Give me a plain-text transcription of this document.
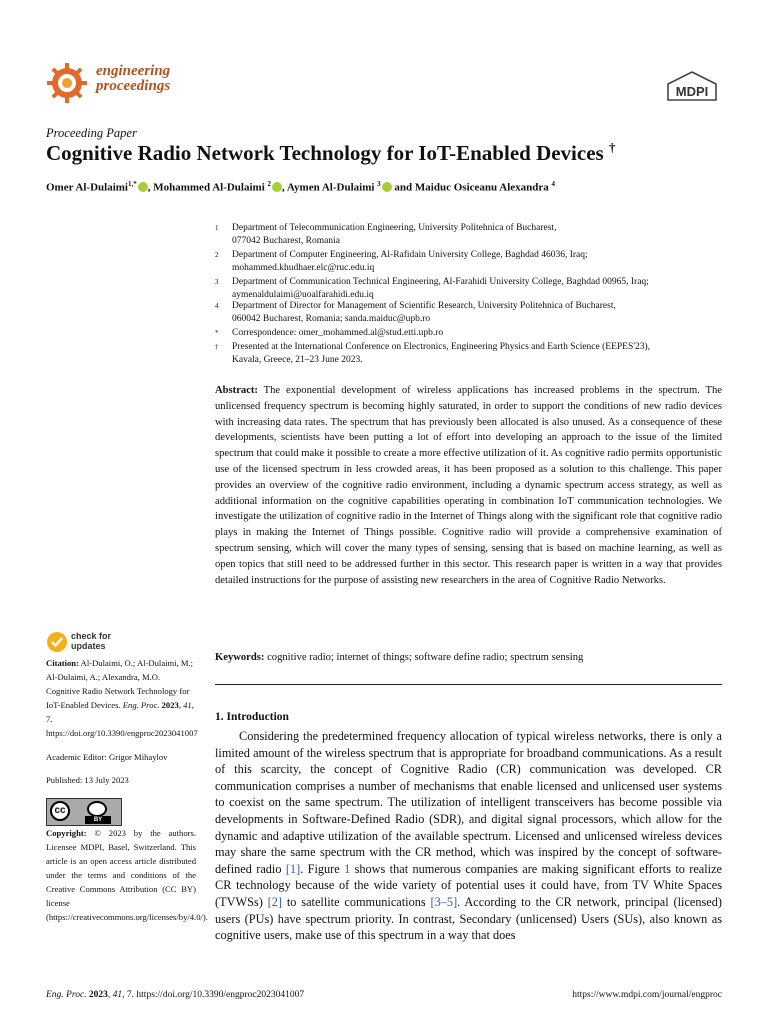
engineering
proceedings	MDPI
Proceeding Paper
Cognitive Radio Network Technology for IoT-Enabled Devices †
Omer Al-Dulaimi$^{1,*}$ , Mohammed Al-Dulaimi $^2$ , Aymen Al-Dulaimi $^3$ and Maiduc Osiceanu Alexandra $^4$
1 Department of Telecommunication Engineering, University Politehnica of Bucharest,
077042 Bucharest, Romania
2 Department of Computer Engineering, Al-Rafidain University College, Baghdad 46036, Iraq;
mohammed.khudhaer.elc@ruc.edu.iq
3 Department of Communication Technical Engineering, Al-Farahidi University College, Baghdad 00965, Iraq;
aymenaldulaimi@uoalfarahidi.edu.iq
4 Department of Director for Management of Scientific Research, University Politehnica of Bucharest,
060042 Bucharest, Romania; sanda.maiduc@upb.ro
* Correspondence: omer_mohammed.al@stud.etti.upb.ro
† Presented at the International Conference on Electronics, Engineering Physics and Earth Science (EEPES'23),
Kavala, Greece, 21–23 June 2023.
Abstract: The exponential development of wireless applications has increased problems in the spectrum. The unlicensed frequency spectrum is becoming highly saturated, in order to support the conditions of new radio devices with increasing data rates. The spectrum that has previously been allocated is also unused. As a consequence of these developments, scientists have been putting a lot of effort into developing an approach to the issue of the limited spectrum that could make it possible to create a more effective utilization of it. As cognitive radio permits opportunistic use of the licensed spectrum in less crowded areas, it has been proposed as a solution to this challenge. This paper provides an overview of the cognitive radio environment, including a dynamic spectrum access strategy, as well as additional information on the cognitive capabilities operating in combination IoT communication technologies. We investigate the utilization of cognitive radio in the Internet of Things along with the significant role that cognitive radio plays in making the Internet of Things possible. Cognitive radio will provide a comprehensive examination of spectrum sensing, which will cover the many types of sensing, sensing that is based on machine learning, as well as open topics that still need to be addressed further in this sector. This research paper is written in a way that provides detailed instructions for the purpose of assisting new researchers in the area of Cognitive Radio Networks.
Keywords: cognitive radio; internet of things; software define radio; spectrum sensing
check for
updates
Citation: Al-Dulaimi, O.; Al-Dulaimi, M.; Al-Dulaimi, A.; Alexandra, M.O. Cognitive Radio Network Technology for IoT-Enabled Devices. Eng. Proc. 2023, 41, 7. https://doi.org/10.3390/engproc2023041007
Academic Editor: Grigor Mihaylov
Published: 13 July 2023
cc
BY
Copyright: © 2023 by the authors. Licensee MDPI, Basel, Switzerland. This article is an open access article distributed under the terms and conditions of the Creative Commons Attribution (CC BY) license (https://creativecommons.org/licenses/by/4.0/).
1. Introduction
Considering the predetermined frequency allocation of typical wireless networks, there is only a limited amount of the wireless spectrum that is appropriate for broadband communications. As a result of this scarcity, the concept of Cognitive Radio (CR) communication was developed. CR communication comprises a number of mechanisms that enable licensed and unlicensed user systems to coexist on the same spectrum. The utilization of intelligent transceivers has become possible via developments in Software-Defined Radio (SDR), and digital signal processors, which allow for the dynamic and adaptive utilization of the available spectrum. Licensed and unlicensed wireless devices may share the same spectrum with the CR method, which was inspired by the concept of software-defined radio [1]. Figure 1 shows that numerous companies are making significant efforts to realize CR technology because of the wide variety of potential uses it could have, from TV White Spaces (TVWSs) [2] to satellite communications [3–5]. According to the CR network, principal (licensed) users (PUs) have spectrum priority. In contrast, Secondary (unlicensed) Users (SUs), also known as cognitive users, make use of this spectrum in a way that does
Eng. Proc. 2023, 41, 7. https://doi.org/10.3390/engproc2023041007	https://www.mdpi.com/journal/engproc
